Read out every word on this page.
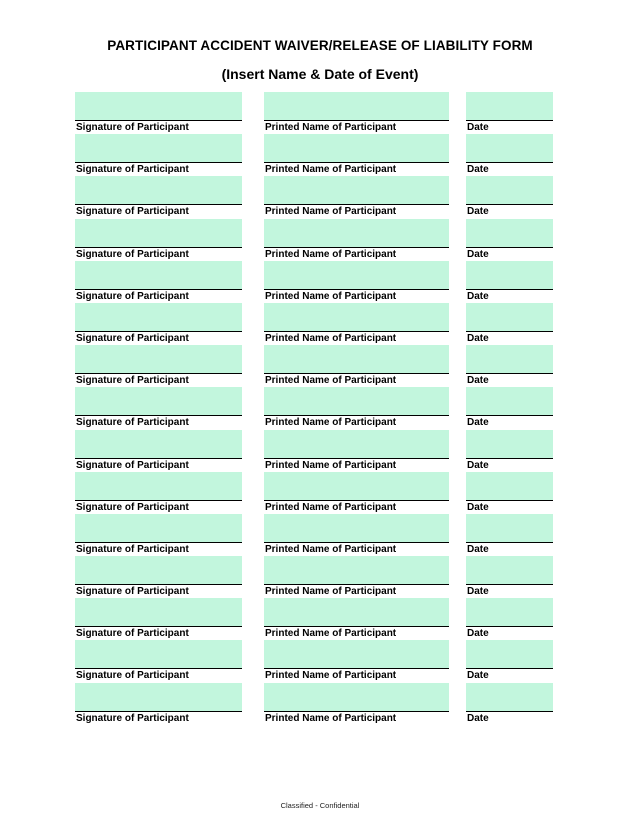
PARTICIPANT ACCIDENT WAIVER/RELEASE OF LIABILITY FORM
(Insert Name & Date of Event)
Signature of Participant	Printed Name of Participant	Date
Signature of Participant	Printed Name of Participant	Date
Signature of Participant	Printed Name of Participant	Date
Signature of Participant	Printed Name of Participant	Date
Signature of Participant	Printed Name of Participant	Date
Signature of Participant	Printed Name of Participant	Date
Signature of Participant	Printed Name of Participant	Date
Signature of Participant	Printed Name of Participant	Date
Signature of Participant	Printed Name of Participant	Date
Signature of Participant	Printed Name of Participant	Date
Signature of Participant	Printed Name of Participant	Date
Signature of Participant	Printed Name of Participant	Date
Signature of Participant	Printed Name of Participant	Date
Signature of Participant	Printed Name of Participant	Date
Signature of Participant	Printed Name of Participant	Date
Classified - Confidential
